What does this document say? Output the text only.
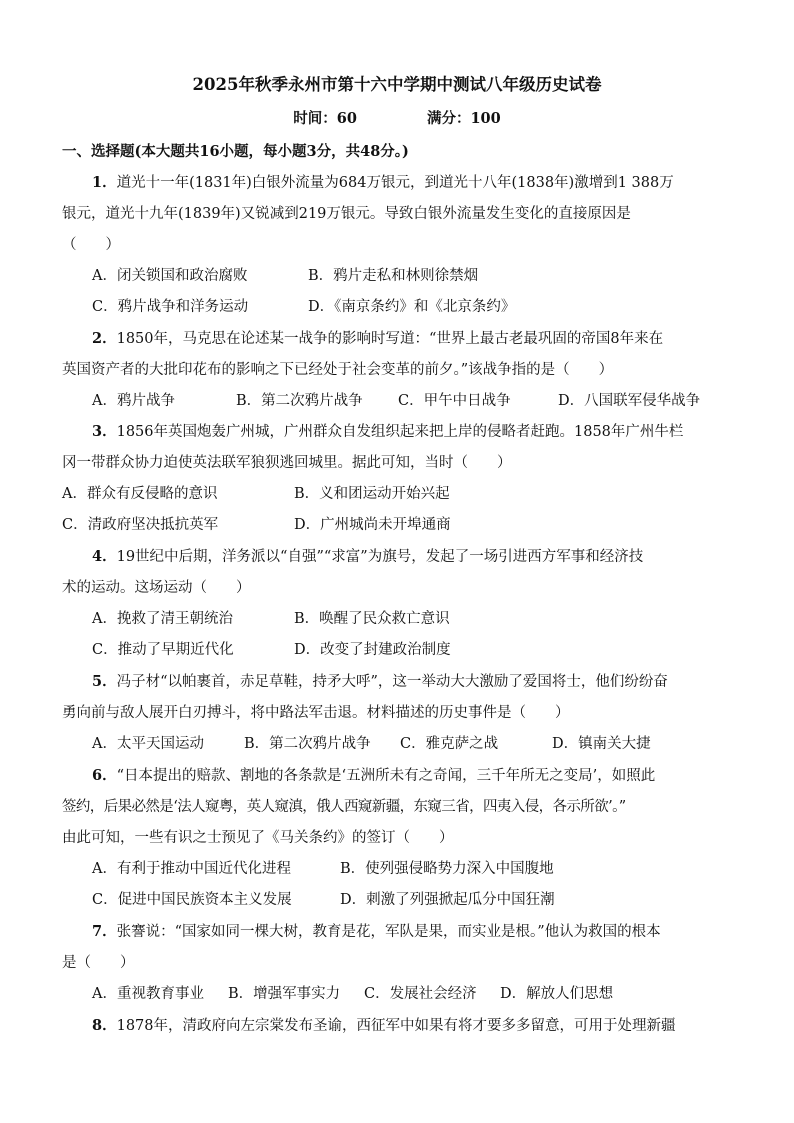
2025年秋季永州市第十六中学期中测试八年级历史试卷
时间：60	满分：100
一、选择题(本大题共16小题，每小题3分，共48分。)
1．道光十一年(1831年)白银外流量为684万银元，到道光十八年(1838年)激增到1 388万
银元，道光十九年(1839年)又锐减到219万银元。导致白银外流量发生变化的直接原因是
（　　）
A．闭关锁国和政治腐败	B．鸦片走私和林则徐禁烟
C．鸦片战争和洋务运动	D．《南京条约》和《北京条约》
2．1850年，马克思在论述某一战争的影响时写道：“世界上最古老最巩固的帝国8年来在
英国资产者的大批印花布的影响之下已经处于社会变革的前夕。”该战争指的是（　　）
A．鸦片战争	B．第二次鸦片战争 C．甲午中日战争	D．八国联军侵华战争
3．1856年英国炮轰广州城，广州群众自发组织起来把上岸的侵略者赶跑。1858年广州牛栏
冈一带群众协力迫使英法联军狼狈逃回城里。据此可知，当时（　　）
A．群众有反侵略的意识	B．义和团运动开始兴起
C．清政府坚决抵抗英军	D．广州城尚未开埠通商
4．19世纪中后期，洋务派以“自强”“求富”为旗号，发起了一场引进西方军事和经济技
术的运动。这场运动（　　）
A．挽救了清王朝统治	B．唤醒了民众救亡意识
C．推动了早期近代化	D．改变了封建政治制度
5．冯子材“以帕裹首，赤足草鞋，持矛大呼”，这一举动大大激励了爱国将士，他们纷纷奋
勇向前与敌人展开白刃搏斗，将中路法军击退。材料描述的历史事件是（　　）
A．太平天国运动	B．第二次鸦片战争 C．雅克萨之战	D．镇南关大捷
6．“日本提出的赔款、割地的各条款是‘五洲所未有之奇闻，三千年所无之变局’，如照此
签约，后果必然是‘法人窥粤，英人窥滇，俄人西窥新疆，东窥三省，四夷入侵，各示所欲’。”
由此可知，一些有识之士预见了《马关条约》的签订（　　）
A．有利于推动中国近代化进程	B．使列强侵略势力深入中国腹地
C．促进中国民族资本主义发展	D．刺激了列强掀起瓜分中国狂潮
7．张謇说：“国家如同一棵大树，教育是花，军队是果，而实业是根。”他认为救国的根本
是（　　）
A．重视教育事业 B．增强军事实力 C．发展社会经济 D．解放人们思想
8．1878年，清政府向左宗棠发布圣谕，西征军中如果有将才要多多留意，可用于处理新疆
